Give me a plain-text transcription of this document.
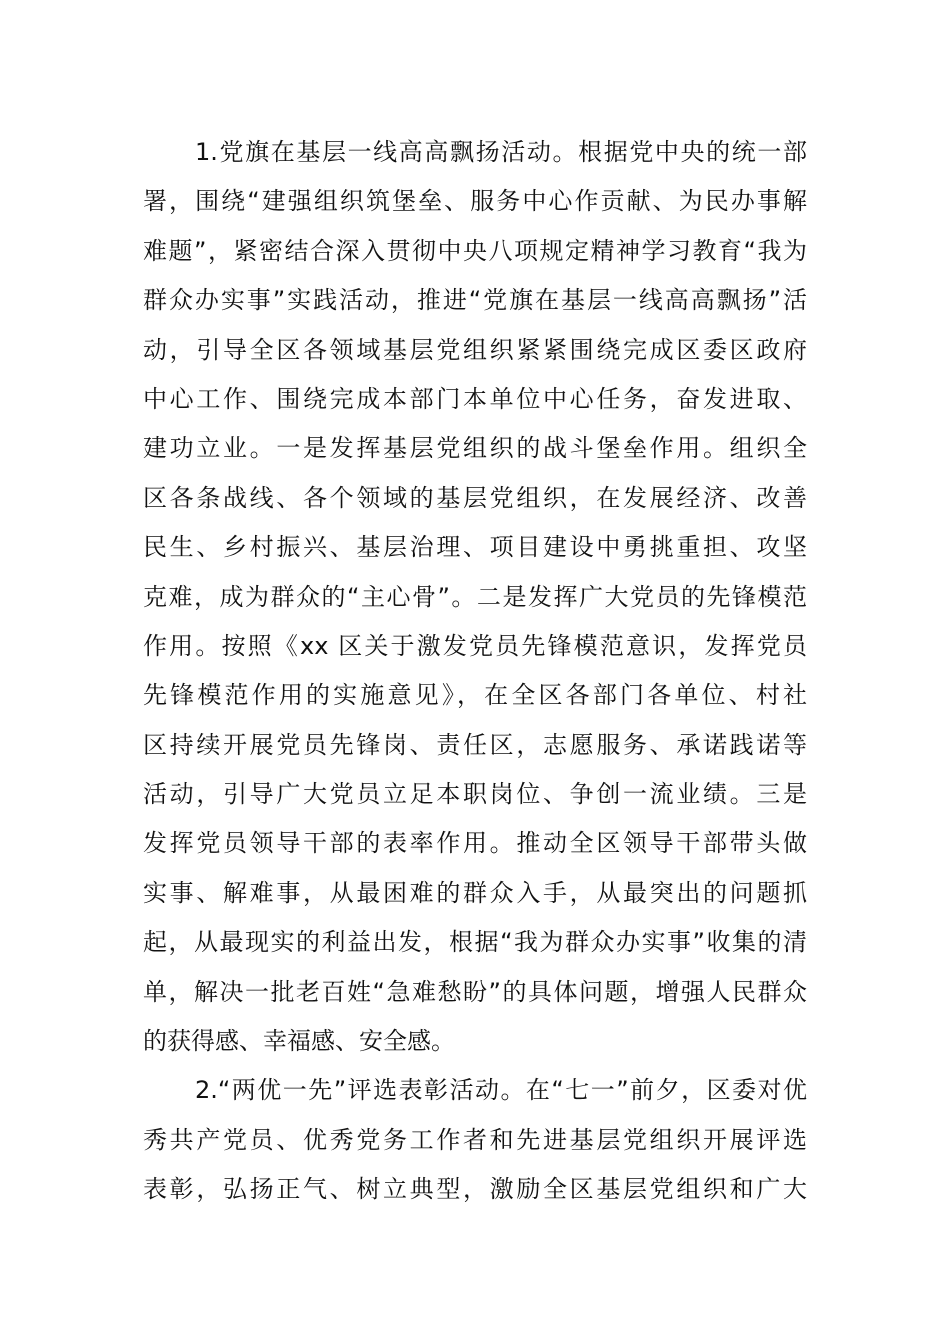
1.党旗在基层一线高高飘扬活动。根据党中央的统一部
署，围绕“建强组织筑堡垒、服务中心作贡献、为民办事解
难题”，紧密结合深入贯彻中央八项规定精神学习教育“我为
群众办实事”实践活动，推进“党旗在基层一线高高飘扬”活
动，引导全区各领域基层党组织紧紧围绕完成区委区政府
中心工作、围绕完成本部门本单位中心任务，奋发进取、
建功立业。一是发挥基层党组织的战斗堡垒作用。组织全
区各条战线、各个领域的基层党组织，在发展经济、改善
民生、乡村振兴、基层治理、项目建设中勇挑重担、攻坚
克难，成为群众的“主心骨”。二是发挥广大党员的先锋模范
作用。按照《xx 区关于激发党员先锋模范意识，发挥党员
先锋模范作用的实施意见》，在全区各部门各单位、村社
区持续开展党员先锋岗、责任区，志愿服务、承诺践诺等
活动，引导广大党员立足本职岗位、争创一流业绩。三是
发挥党员领导干部的表率作用。推动全区领导干部带头做
实事、解难事，从最困难的群众入手，从最突出的问题抓
起，从最现实的利益出发，根据“我为群众办实事”收集的清
单，解决一批老百姓“急难愁盼”的具体问题，增强人民群众
的获得感、幸福感、安全感。
2.“两优一先”评选表彰活动。在“七一”前夕，区委对优
秀共产党员、优秀党务工作者和先进基层党组织开展评选
表彰，弘扬正气、树立典型，激励全区基层党组织和广大
